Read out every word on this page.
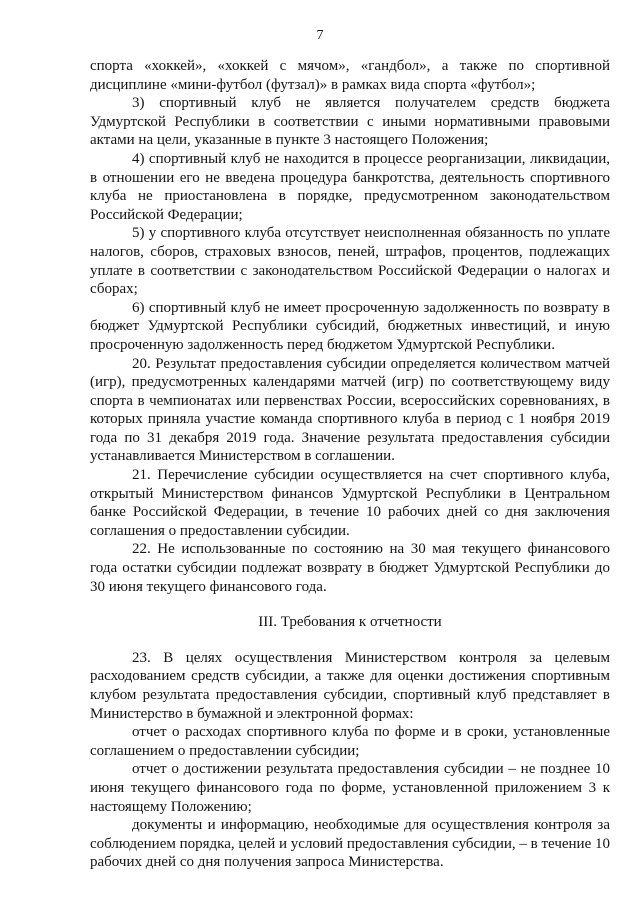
7

спорта «хоккей», «хоккей с мячом», «гандбол», а также по спортивной дисциплине «мини-футбол (футзал)» в рамках вида спорта «футбол»;

3) спортивный клуб не является получателем средств бюджета Удмуртской Республики в соответствии с иными нормативными правовыми актами на цели, указанные в пункте 3 настоящего Положения;

4) спортивный клуб не находится в процессе реорганизации, ликвидации, в отношении его не введена процедура банкротства, деятельность спортивного клуба не приостановлена в порядке, предусмотренном законодательством Российской Федерации;

5) у спортивного клуба отсутствует неисполненная обязанность по уплате налогов, сборов, страховых взносов, пеней, штрафов, процентов, подлежащих уплате в соответствии с законодательством Российской Федерации о налогах и сборах;

6) спортивный клуб не имеет просроченную задолженность по возврату в бюджет Удмуртской Республики субсидий, бюджетных инвестиций, и иную просроченную задолженность перед бюджетом Удмуртской Республики.

20. Результат предоставления субсидии определяется количеством матчей (игр), предусмотренных календарями матчей (игр) по соответствующему виду спорта в чемпионатах или первенствах России, всероссийских соревнованиях, в которых приняла участие команда спортивного клуба в период с 1 ноября 2019 года по 31 декабря 2019 года. Значение результата предоставления субсидии устанавливается Министерством в соглашении.

21. Перечисление субсидии осуществляется на счет спортивного клуба, открытый Министерством финансов Удмуртской Республики в Центральном банке Российской Федерации, в течение 10 рабочих дней со дня заключения соглашения о предоставлении субсидии.

22. Не использованные по состоянию на 30 мая текущего финансового года остатки субсидии подлежат возврату в бюджет Удмуртской Республики до 30 июня текущего финансового года.

III. Требования к отчетности

23. В целях осуществления Министерством контроля за целевым расходованием средств субсидии, а также для оценки достижения спортивным клубом результата предоставления субсидии, спортивный клуб представляет в Министерство в бумажной и электронной формах:

отчет о расходах спортивного клуба по форме и в сроки, установленные соглашением о предоставлении субсидии;

отчет о достижении результата предоставления субсидии – не позднее 10 июня текущего финансового года по форме, установленной приложением 3 к настоящему Положению;

документы и информацию, необходимые для осуществления контроля за соблюдением порядка, целей и условий предоставления субсидии, – в течение 10 рабочих дней со дня получения запроса Министерства.
